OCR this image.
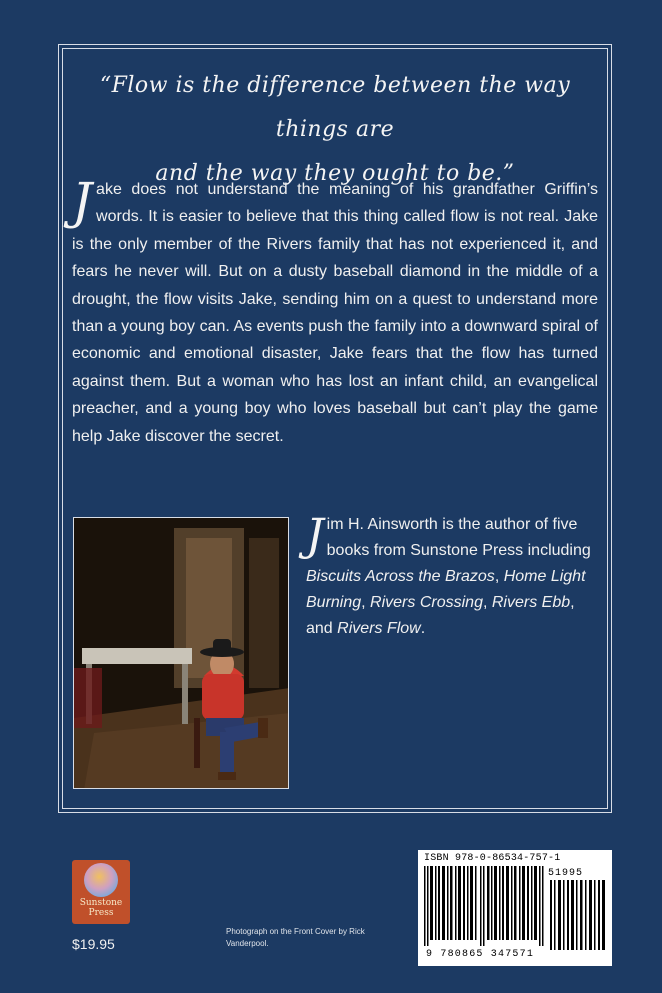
“Flow is the difference between the way things are
and the way they ought to be.”
J ake does not understand the meaning of his grandfather Griffin’s words. It is easier to believe that this thing called flow is not real. Jake is the only member of the Rivers family that has not experienced it, and fears he never will. But on a dusty baseball diamond in the middle of a drought, the flow visits Jake, sending him on a quest to understand more than a young boy can. As events push the family into a downward spiral of economic and emotional disaster, Jake fears that the flow has turned against them. But a woman who has lost an infant child, an evangelical preacher, and a young boy who loves baseball but can’t play the game help Jake discover the secret.
J im H. Ainsworth is the author of five books from Sunstone Press including Biscuits Across the Brazos, Home Light Burning, Rivers Crossing, Rivers Ebb, and Rivers Flow.
Sunstone
Press
$19.95
Photograph on the Front Cover by Rick Vanderpool.
ISBN 978-0-86534-757-1
51995
9 780865 347571
